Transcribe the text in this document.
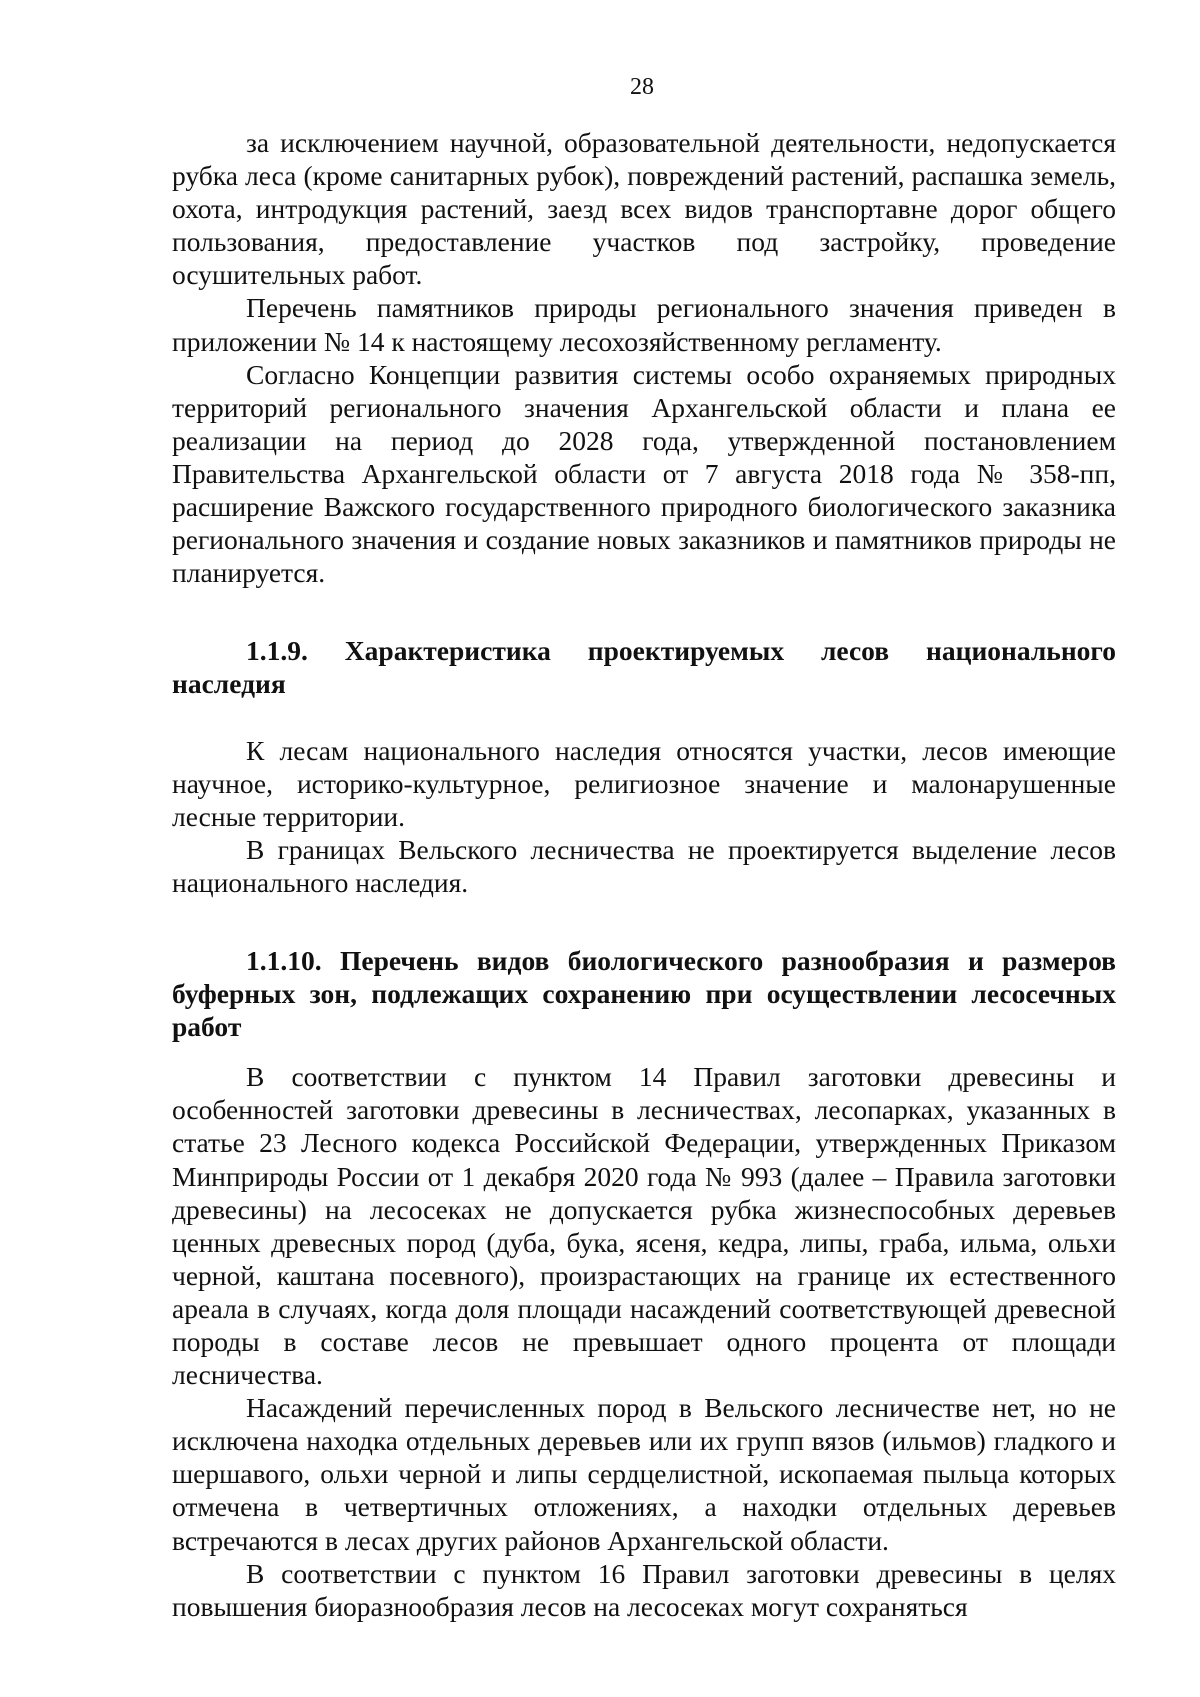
28

за исключением научной, образовательной деятельности, недопускается рубка леса (кроме санитарных рубок), повреждений растений, распашка земель, охота, интродукция растений, заезд всех видов транспортавне дорог общего пользования, предоставление участков под застройку, проведение осушительных работ.

Перечень памятников природы регионального значения приведен в приложении № 14 к настоящему лесохозяйственному регламенту.

Согласно Концепции развития системы особо охраняемых природных территорий регионального значения Архангельской области и плана ее реализации на период до 2028 года, утвержденной постановлением Правительства Архангельской области от 7 августа 2018 года № 358-пп, расширение Важского государственного природного биологического заказника регионального значения и создание новых заказников и памятников природы не планируется.

1.1.9. Характеристика проектируемых лесов национального наследия

К лесам национального наследия относятся участки, лесов имеющие научное, историко-культурное, религиозное значение и малонарушенные лесные территории.

В границах Вельского лесничества не проектируется выделение лесов национального наследия.

1.1.10. Перечень видов биологического разнообразия и размеров буферных зон, подлежащих сохранению при осуществлении лесосечных работ

В соответствии с пунктом 14 Правил заготовки древесины и особенностей заготовки древесины в лесничествах, лесопарках, указанных в статье 23 Лесного кодекса Российской Федерации, утвержденных Приказом Минприроды России от 1 декабря 2020 года № 993 (далее – Правила заготовки древесины) на лесосеках не допускается рубка жизнеспособных деревьев ценных древесных пород (дуба, бука, ясеня, кедра, липы, граба, ильма, ольхи черной, каштана посевного), произрастающих на границе их естественного ареала в случаях, когда доля площади насаждений соответствующей древесной породы в составе лесов не превышает одного процента от площади лесничества.

Насаждений перечисленных пород в Вельского лесничестве нет, но не исключена находка отдельных деревьев или их групп вязов (ильмов) гладкого и шершавого, ольхи черной и липы сердцелистной, ископаемая пыльца которых отмечена в четвертичных отложениях, а находки отдельных деревьев встречаются в лесах других районов Архангельской области.

В соответствии с пунктом 16 Правил заготовки древесины в целях повышения биоразнообразия лесов на лесосеках могут сохраняться
